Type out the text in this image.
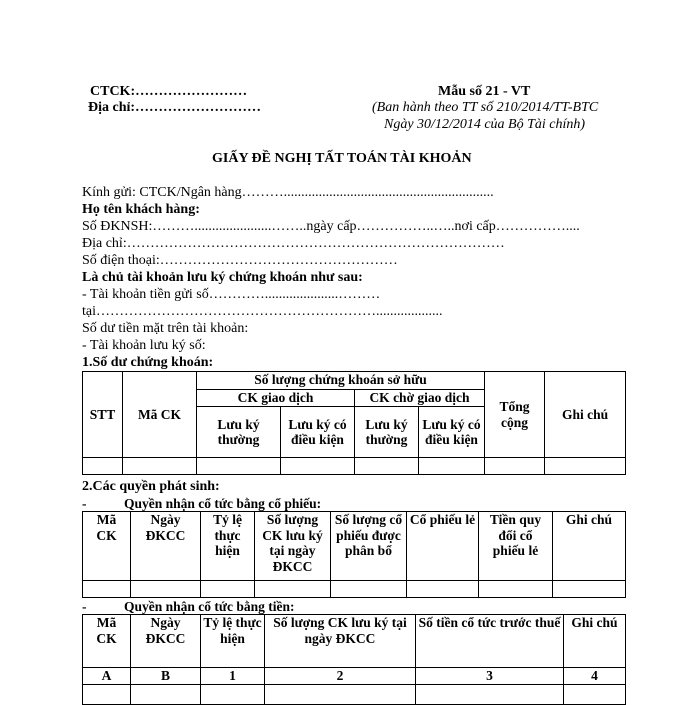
CTCK:……………………
Địa chỉ:………………………
Mẫu số 21 - VT
(Ban hành theo TT số 210/2014/TT-BTC
Ngày 30/12/2014 của Bộ Tài chính)
GIẤY ĐỀ NGHỊ TẤT TOÁN TÀI KHOẢN
Kính gửi: CTCK/Ngân hàng………............................................................
Họ tên khách hàng:
Số ĐKNSH:………......................……..ngày cấp……………..…..nơi cấp……………....
Địa chỉ:………………………………………………………………………
Số điện thoại:……………………………………………
Là chủ tài khoản lưu ký chứng khoán như sau:
- Tài khoản tiền gửi số………….....................………
tại……………………………………………………...................
Số dư tiền mặt trên tài khoản:
- Tài khoản lưu ký số:
1.Số dư chứng khoán:
STT	Mã CK	Số lượng chứng khoán sở hữu				Tổng cộng	Ghi chú
		CK giao dịch		CK chờ giao dịch			
		Lưu ký thường	Lưu ký có điều kiện	Lưu ký thường	Lưu ký có điều kiện		

2.Các quyền phát sinh:
-	Quyền nhận cổ tức bằng cổ phiếu:
Mã CK	Ngày ĐKCC	Tỷ lệ thực hiện	Số lượng CK lưu ký tại ngày ĐKCC	Số lượng cổ phiếu được phân bổ	Cổ phiếu lẻ	Tiền quy đổi cổ phiếu lẻ	Ghi chú

-	Quyền nhận cổ tức bằng tiền:
Mã CK	Ngày ĐKCC	Tỷ lệ thực hiện	Số lượng CK lưu ký tại ngày ĐKCC	Số tiền cổ tức trước thuế	Ghi chú
A	B	1	2	3	4
